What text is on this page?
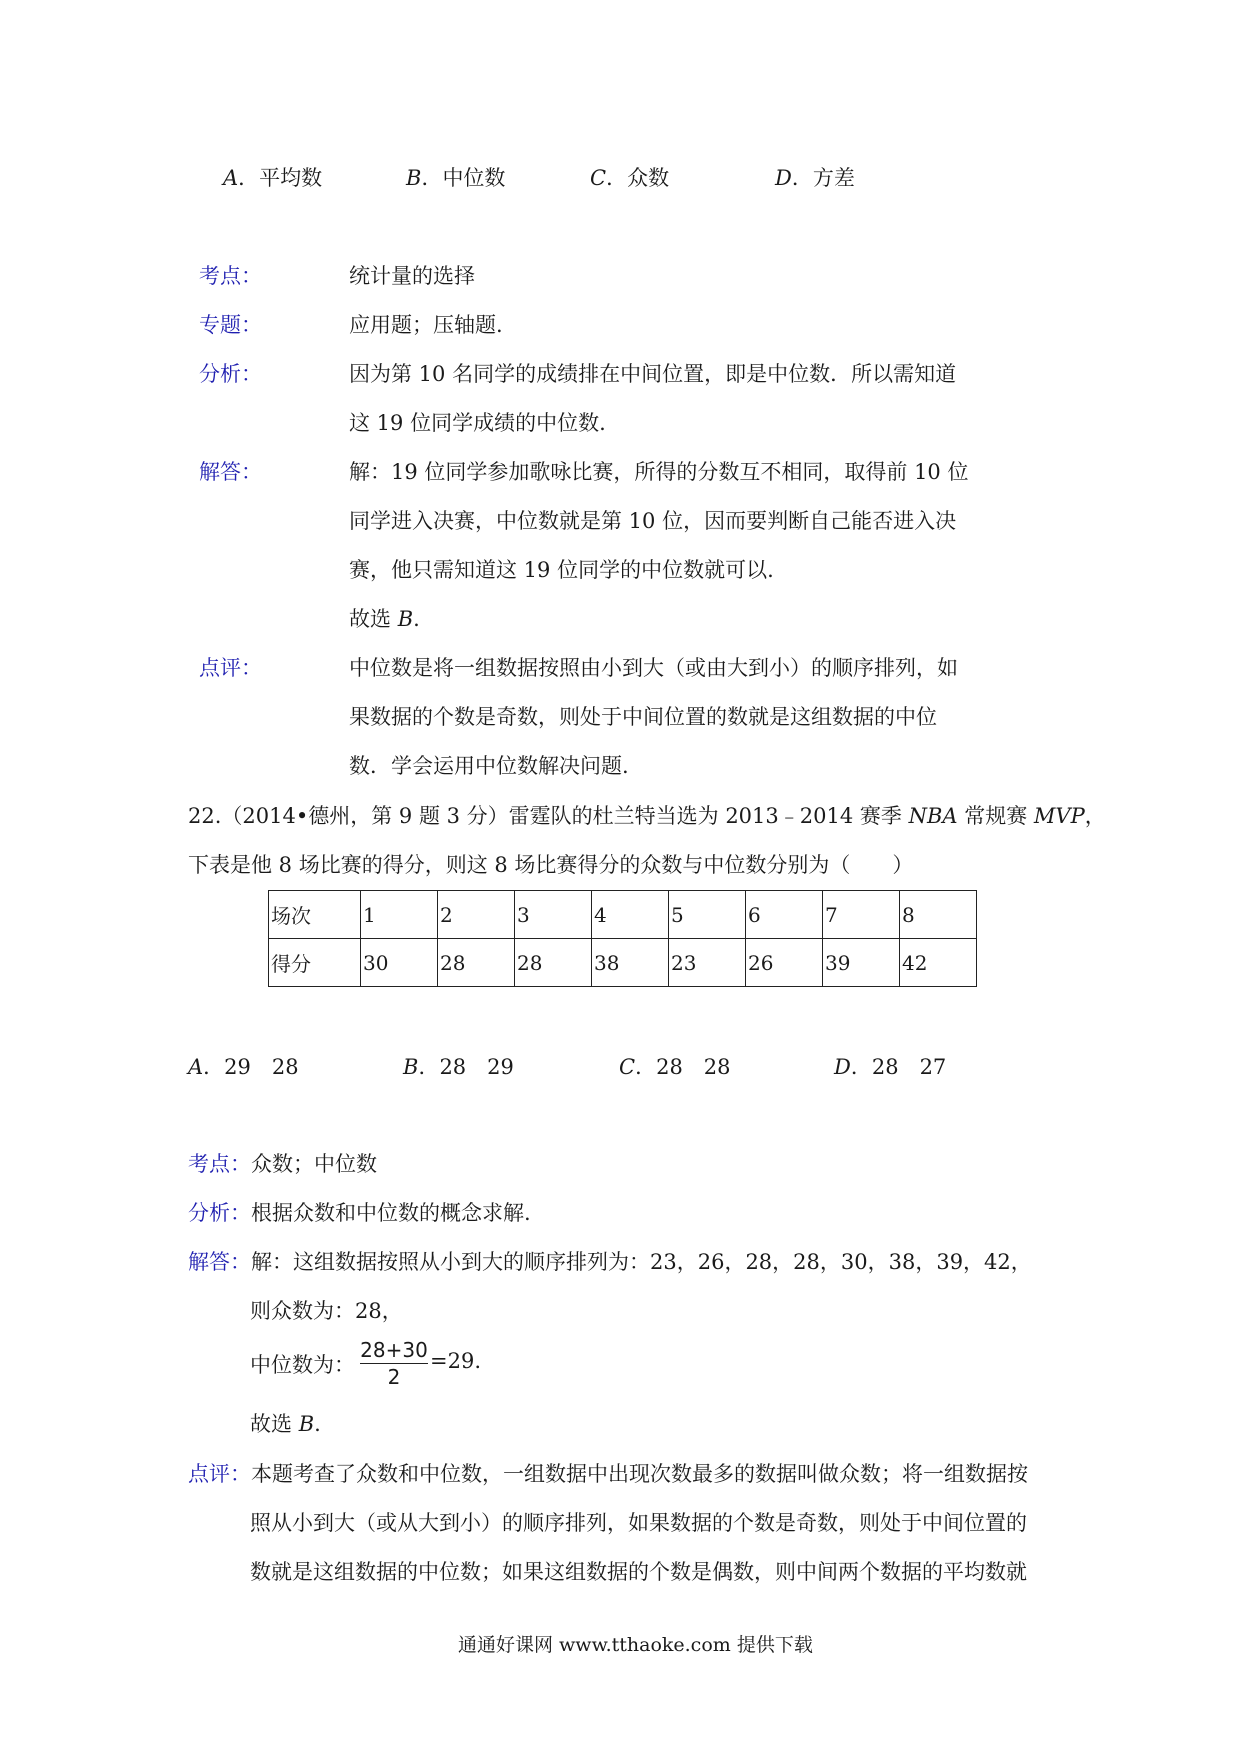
A．平均数	B．中位数	C．众数	D．方差
考点：	统计量的选择
专题：	应用题；压轴题.
分析：	因为第 10 名同学的成绩排在中间位置，即是中位数．所以需知道
这 19 位同学成绩的中位数.
解答：	解：19 位同学参加歌咏比赛，所得的分数互不相同，取得前 10 位
同学进入决赛，中位数就是第 10 位，因而要判断自己能否进入决
赛，他只需知道这 19 位同学的中位数就可以.
故选 B.
点评：	中位数是将一组数据按照由小到大（或由大到小）的顺序排列，如
果数据的个数是奇数，则处于中间位置的数就是这组数据的中位
数．学会运用中位数解决问题.
22.（2014•德州，第 9 题 3 分）雷霆队的杜兰特当选为 2013﹣2014 赛季 NBA 常规赛 MVP，
下表是他 8 场比赛的得分，则这 8 场比赛得分的众数与中位数分别为（　　）
场次	1	2	3	4	5	6	7	8
得分	30	28	28	38	23	26	39	42
A．29　28	B．28　29	C．28　28	D．28　27
考点：众数；中位数
分析：根据众数和中位数的概念求解.
解答：解：这组数据按照从小到大的顺序排列为：23，26，28，28，30，38，39，42，
则众数为：28，
中位数为：
28+30
2
=29.
故选 B.
点评：本题考查了众数和中位数，一组数据中出现次数最多的数据叫做众数；将一组数据按
照从小到大（或从大到小）的顺序排列，如果数据的个数是奇数，则处于中间位置的
数就是这组数据的中位数；如果这组数据的个数是偶数，则中间两个数据的平均数就
通通好课网 www.tthaoke.com 提供下载
